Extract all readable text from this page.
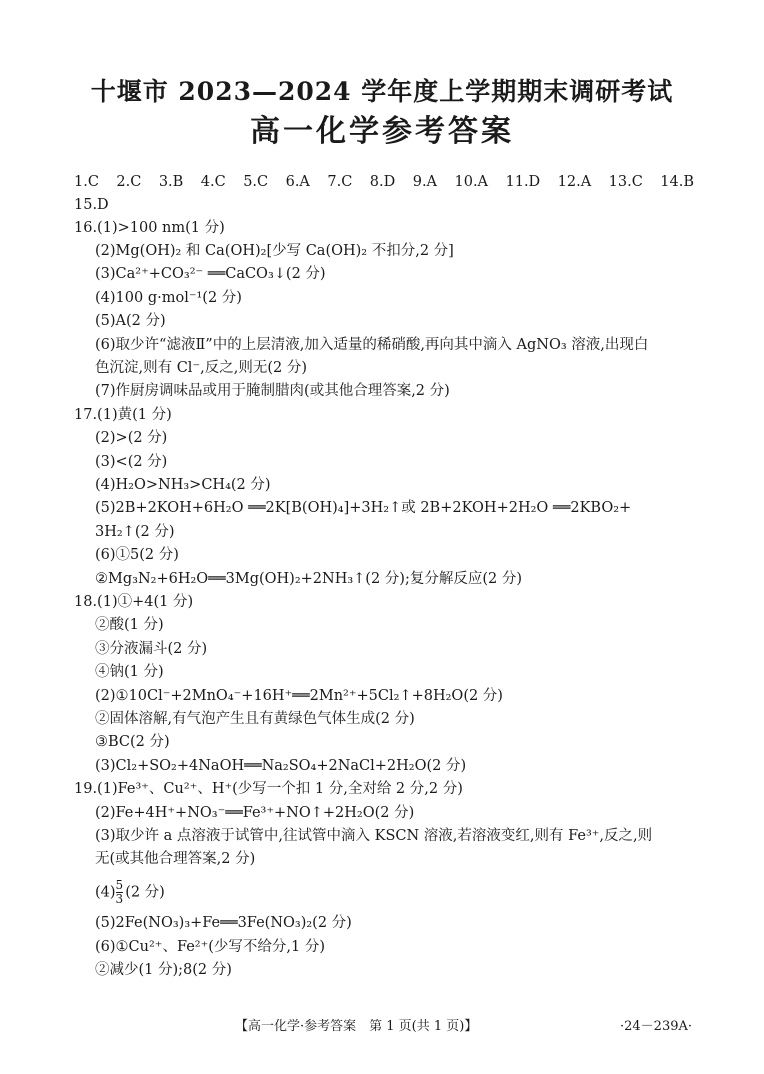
十堰市 2023—2024 学年度上学期期末调研考试
高一化学参考答案
1.C 2.C 3.B 4.C 5.C 6.A 7.C 8.D 9.A 10.A 11.D 12.A 13.C 14.B
15.D
16.(1)>100 nm(1 分)
(2)Mg(OH)₂ 和 Ca(OH)₂[少写 Ca(OH)₂ 不扣分,2 分]
(3)Ca²⁺+CO₃²⁻ ══CaCO₃↓(2 分)
(4)100 g·mol⁻¹(2 分)
(5)A(2 分)
(6)取少许“滤液Ⅱ”中的上层清液,加入适量的稀硝酸,再向其中滴入 AgNO₃ 溶液,出现白
色沉淀,则有 Cl⁻,反之,则无(2 分)
(7)作厨房调味品或用于腌制腊肉(或其他合理答案,2 分)
17.(1)黄(1 分)
(2)>(2 分)
(3)<(2 分)
(4)H₂O>NH₃>CH₄(2 分)
(5)2B+2KOH+6H₂O ══2K[B(OH)₄]+3H₂↑或 2B+2KOH+2H₂O ══2KBO₂+
3H₂↑(2 分)
(6)①5(2 分)
②Mg₃N₂+6H₂O══3Mg(OH)₂+2NH₃↑(2 分);复分解反应(2 分)
18.(1)①+4(1 分)
②酸(1 分)
③分液漏斗(2 分)
④钠(1 分)
(2)①10Cl⁻+2MnO₄⁻+16H⁺══2Mn²⁺+5Cl₂↑+8H₂O(2 分)
②固体溶解,有气泡产生且有黄绿色气体生成(2 分)
③BC(2 分)
(3)Cl₂+SO₂+4NaOH══Na₂SO₄+2NaCl+2H₂O(2 分)
19.(1)Fe³⁺、Cu²⁺、H⁺(少写一个扣 1 分,全对给 2 分,2 分)
(2)Fe+4H⁺+NO₃⁻══Fe³⁺+NO↑+2H₂O(2 分)
(3)取少许 a 点溶液于试管中,往试管中滴入 KSCN 溶液,若溶液变红,则有 Fe³⁺,反之,则
无(或其他合理答案,2 分)
$(4) \frac{5}{3} (2$ 分)
(5)2Fe(NO₃)₃+Fe══3Fe(NO₃)₂(2 分)
(6)①Cu²⁺、Fe²⁺(少写不给分,1 分)
②减少(1 分);8(2 分)
【高一化学·参考答案　第 1 页(共 1 页)】	·24－239A·
